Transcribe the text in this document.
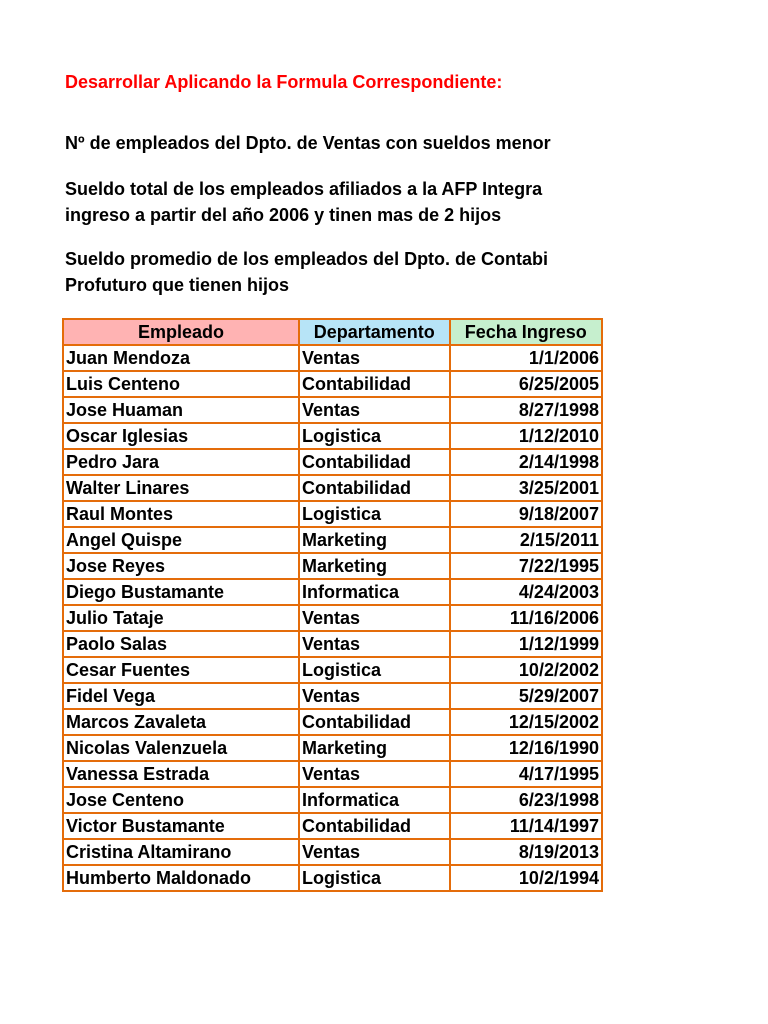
Desarrollar Aplicando la Formula Correspondiente:
Nº de empleados del Dpto. de Ventas con sueldos menor
Sueldo total de los empleados afiliados a la AFP Integra
ingreso a partir del año 2006 y tinen mas de 2 hijos
Sueldo promedio de los empleados del Dpto. de Contabi
Profuturo que tienen hijos
Empleado	Departamento	Fecha Ingreso
Juan Mendoza	Ventas	1/1/2006
Luis Centeno	Contabilidad	6/25/2005
Jose Huaman	Ventas	8/27/1998
Oscar Iglesias	Logistica	1/12/2010
Pedro Jara	Contabilidad	2/14/1998
Walter Linares	Contabilidad	3/25/2001
Raul Montes	Logistica	9/18/2007
Angel Quispe	Marketing	2/15/2011
Jose Reyes	Marketing	7/22/1995
Diego Bustamante	Informatica	4/24/2003
Julio Tataje	Ventas	11/16/2006
Paolo Salas	Ventas	1/12/1999
Cesar Fuentes	Logistica	10/2/2002
Fidel Vega	Ventas	5/29/2007
Marcos Zavaleta	Contabilidad	12/15/2002
Nicolas Valenzuela	Marketing	12/16/1990
Vanessa Estrada	Ventas	4/17/1995
Jose Centeno	Informatica	6/23/1998
Victor Bustamante	Contabilidad	11/14/1997
Cristina Altamirano	Ventas	8/19/2013
Humberto Maldonado	Logistica	10/2/1994
